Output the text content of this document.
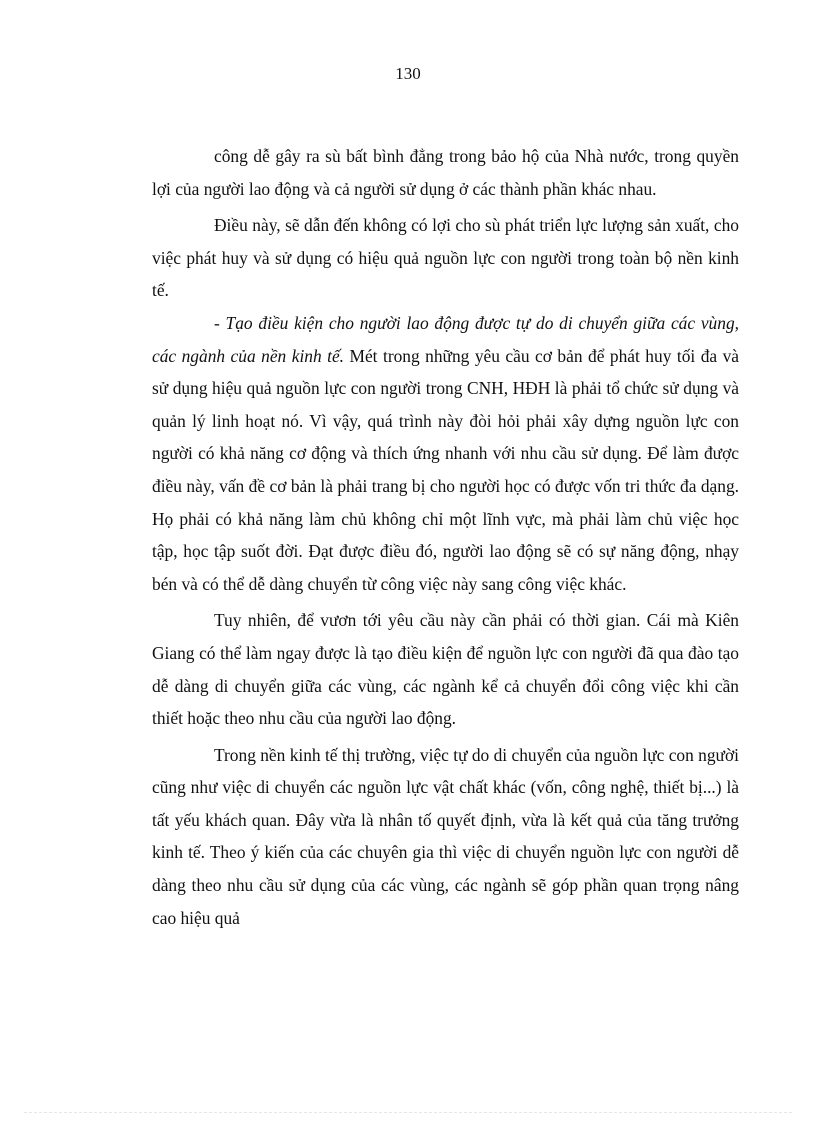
130

công dễ gây ra sù bất bình đẳng trong bảo hộ của Nhà nước, trong quyền lợi của người lao động và cả người sử dụng ở các thành phần khác nhau.

Điều này, sẽ dẫn đến không có lợi cho sù phát triển lực lượng sản xuất, cho việc phát huy và sử dụng có hiệu quả nguồn lực con người trong toàn bộ nền kinh tế.

- Tạo điều kiện cho người lao động được tự do di chuyển giữa các vùng, các ngành của nền kinh tế. Mét trong những yêu cầu cơ bản để phát huy tối đa và sử dụng hiệu quả nguồn lực con người trong CNH, HĐH là phải tổ chức sử dụng và quản lý linh hoạt nó. Vì vậy, quá trình này đòi hỏi phải xây dựng nguồn lực con người có khả năng cơ động và thích ứng nhanh với nhu cầu sử dụng. Để làm được điều này, vấn đề cơ bản là phải trang bị cho người học có được vốn tri thức đa dạng. Họ phải có khả năng làm chủ không chỉ một lĩnh vực, mà phải làm chủ việc học tập, học tập suốt đời. Đạt được điều đó, người lao động sẽ có sự năng động, nhạy bén và có thể dễ dàng chuyển từ công việc này sang công việc khác.

Tuy nhiên, để vươn tới yêu cầu này cần phải có thời gian. Cái mà Kiên Giang có thể làm ngay được là tạo điều kiện để nguồn lực con người đã qua đào tạo dễ dàng di chuyển giữa các vùng, các ngành kể cả chuyển đổi công việc khi cần thiết hoặc theo nhu cầu của người lao động.

Trong nền kinh tế thị trường, việc tự do di chuyển của nguồn lực con người cũng như việc di chuyển các nguồn lực vật chất khác (vốn, công nghệ, thiết bị...) là tất yếu khách quan. Đây vừa là nhân tố quyết định, vừa là kết quả của tăng trưởng kinh tế. Theo ý kiến của các chuyên gia thì việc di chuyển nguồn lực con người dễ dàng theo nhu cầu sử dụng của các vùng, các ngành sẽ góp phần quan trọng nâng cao hiệu quả
